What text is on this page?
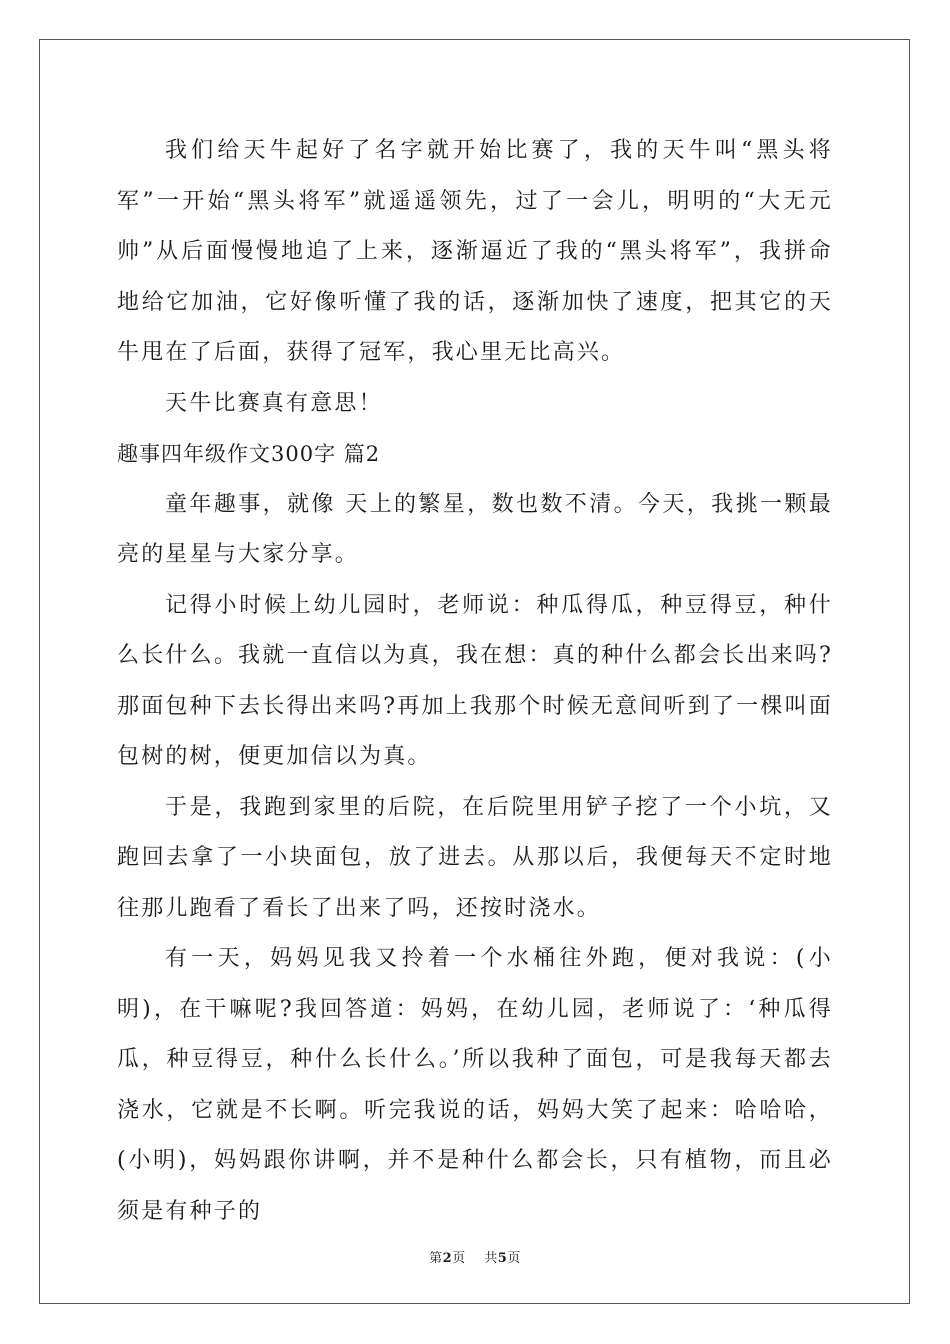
我们给天牛起好了名字就开始比赛了，我的天牛叫“黑头将军”一开始“黑头将军”就遥遥领先，过了一会儿，明明的“大无元帅”从后面慢慢地追了上来，逐渐逼近了我的“黑头将军”，我拼命地给它加油，它好像听懂了我的话，逐渐加快了速度，把其它的天牛甩在了后面，获得了冠军，我心里无比高兴。

天牛比赛真有意思！

趣事四年级作文300字 篇2

童年趣事，就像 天上的繁星，数也数不清。今天，我挑一颗最亮的星星与大家分享。

记得小时候上幼儿园时，老师说：种瓜得瓜，种豆得豆，种什么长什么。我就一直信以为真，我在想：真的种什么都会长出来吗?那面包种下去长得出来吗?再加上我那个时候无意间听到了一棵叫面包树的树，便更加信以为真。

于是，我跑到家里的后院，在后院里用铲子挖了一个小坑，又跑回去拿了一小块面包，放了进去。从那以后，我便每天不定时地往那儿跑看了看长了出来了吗，还按时浇水。

有一天，妈妈见我又拎着一个水桶往外跑，便对我说：(小明)，在干嘛呢?我回答道：妈妈，在幼儿园，老师说了：‘种瓜得瓜，种豆得豆，种什么长什么。’所以我种了面包，可是我每天都去浇水，它就是不长啊。听完我说的话，妈妈大笑了起来：哈哈哈，(小明)，妈妈跟你讲啊，并不是种什么都会长，只有植物，而且必须是有种子的

第2页 共5页
